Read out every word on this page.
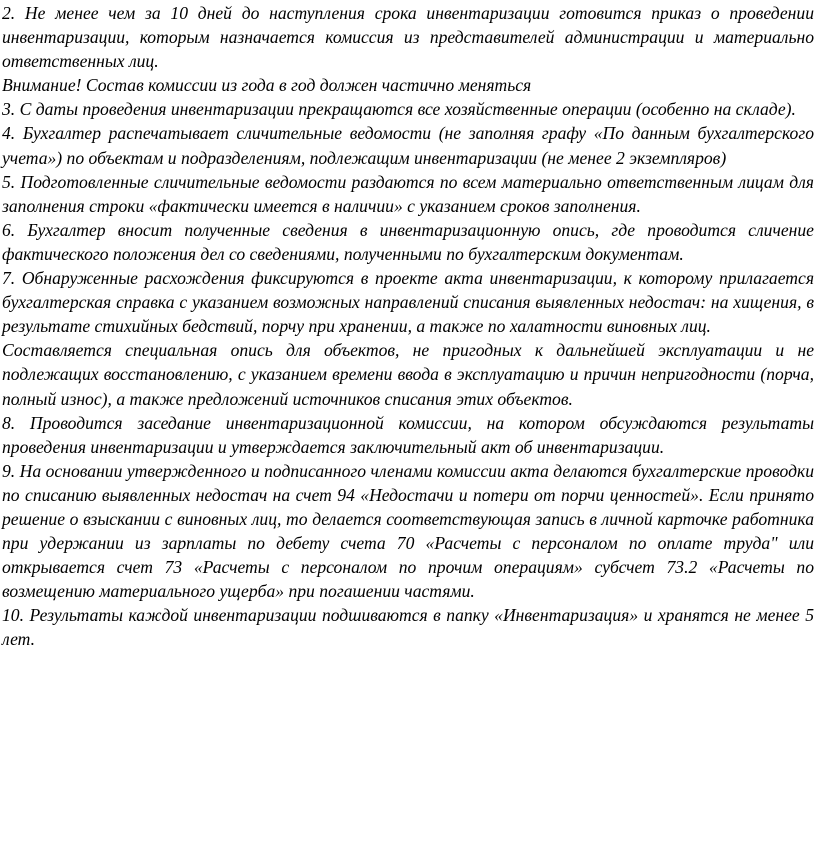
2. Не менее чем за 10 дней до наступления срока инвентаризации готовится приказ о проведении инвентаризации, которым назначается комиссия из представителей администрации и материально ответственных лиц.

Внимание! Состав комиссии из года в год должен частично меняться

3. С даты проведения инвентаризации прекращаются все хозяйственные операции (особенно на складе).

4. Бухгалтер распечатывает сличительные ведомости (не заполняя графу «По данным бухгалтерского учета») по объектам и подразделениям, подлежащим инвентаризации (не менее 2 экземпляров)

5. Подготовленные сличительные ведомости раздаются по всем материально ответственным лицам для заполнения строки «фактически имеется в наличии» с указанием сроков заполнения.

6. Бухгалтер вносит полученные сведения в инвентаризационную опись, где проводится сличение фактического положения дел со сведениями, полученными по бухгалтерским документам.

7. Обнаруженные расхождения фиксируются в проекте акта инвентаризации, к которому прилагается бухгалтерская справка с указанием возможных направлений списания выявленных недостач: на хищения, в результате стихийных бедствий, порчу при хранении, а также по халатности виновных лиц.

Составляется специальная опись для объектов, не пригодных к дальнейшей эксплуатации и не подлежащих восстановлению, с указанием времени ввода в эксплуатацию и причин непригодности (порча, полный износ), а также предложений источников списания этих объектов.

8. Проводится заседание инвентаризационной комиссии, на котором обсуждаются результаты проведения инвентаризации и утверждается заключительный акт об инвентаризации.

9. На основании утвержденного и подписанного членами комиссии акта делаются бухгалтерские проводки по списанию выявленных недостач на счет 94 «Недостачи и потери от порчи ценностей». Если принято решение о взыскании с виновных лиц, то делается соответствующая запись в личной карточке работника при удержании из зарплаты по дебету счета 70 «Расчеты с персоналом по оплате труда" или открывается счет 73 «Расчеты с персоналом по прочим операциям» субсчет 73.2 «Расчеты по возмещению материального ущерба» при погашении частями.

10. Результаты каждой инвентаризации подшиваются в папку «Инвентаризация» и хранятся не менее 5 лет.
